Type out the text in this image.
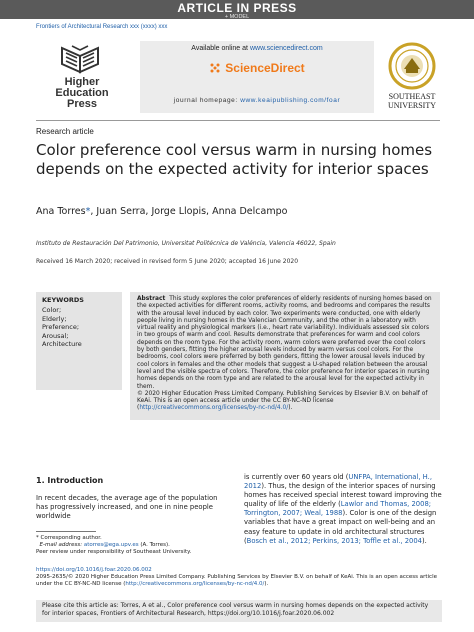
ARTICLE IN PRESS
+ MODEL
Frontiers of Architectural Research xxx (xxxx) xxx
Higher
Education
Press
Available online at www.sciencedirect.com
ScienceDirect
journal homepage: www.keaipublishing.com/foar	SOUTHEAST
UNIVERSITY
Research article
Color preference cool versus warm in nursing homes depends on the expected activity for interior spaces
Ana Torres*, Juan Serra, Jorge Llopis, Anna Delcampo
Instituto de Restauración Del Patrimonio, Universitat Politécnica de Valéncia, Valencia 46022, Spain
Received 16 March 2020; received in revised form 5 June 2020; accepted 16 June 2020
KEYWORDS
Color;
Elderly;
Preference;
Arousal;
Architecture
Abstract This study explores the color preferences of elderly residents of nursing homes based on the expected activities for different rooms, activity rooms, and bedrooms and compares the results with the arousal level induced by each color. Two experiments were conducted, one with elderly people living in nursing homes in the Valencian Community, and the other in a laboratory with virtual reality and physiological markers (i.e., heart rate variability). Individuals assessed six colors in two groups of warm and cool. Results demonstrate that preferences for warm and cool colors depends on the room type. For the activity room, warm colors were preferred over the cool colors by both genders, fitting the higher arousal levels induced by warm versus cool colors. For the bedrooms, cool colors were preferred by both genders, fitting the lower arousal levels induced by cool colors in females and the other models that suggest a U-shaped relation between the arousal level and the visible spectra of colors. Therefore, the color preference for interior spaces in nursing homes depends on the room type and are related to the arousal level for the expected activity in them.
© 2020 Higher Education Press Limited Company. Publishing Services by Elsevier B.V. on behalf of KeAi. This is an open access article under the CC BY-NC-ND license (http://creativecommons.org/licenses/by-nc-nd/4.0/).
1. Introduction
In recent decades, the average age of the population has progressively increased, and one in nine people worldwide
is currently over 60 years old (UNFPA, International, H., 2012). Thus, the design of the interior spaces of nursing homes has received special interest toward improving the quality of life of the elderly (Lawlor and Thomas, 2008; Torrington, 2007; Weal, 1988). Color is one of the design variables that have a great impact on well-being and an easy feature to update in old architectural structures (Bosch et al., 2012; Perkins, 2013; Toffle et al., 2004).
* Corresponding author.
E-mail address: atorres@ega.upv.es (A. Torres).
Peer review under responsibility of Southeast University.
https://doi.org/10.1016/j.foar.2020.06.002
2095-2635/© 2020 Higher Education Press Limited Company. Publishing Services by Elsevier B.V. on behalf of KeAi. This is an open access article under the CC BY-NC-ND license (http://creativecommons.org/licenses/by-nc-nd/4.0/).
Please cite this article as: Torres, A et al., Color preference cool versus warm in nursing homes depends on the expected activity for interior spaces, Frontiers of Architectural Research, https://doi.org/10.1016/j.foar.2020.06.002
